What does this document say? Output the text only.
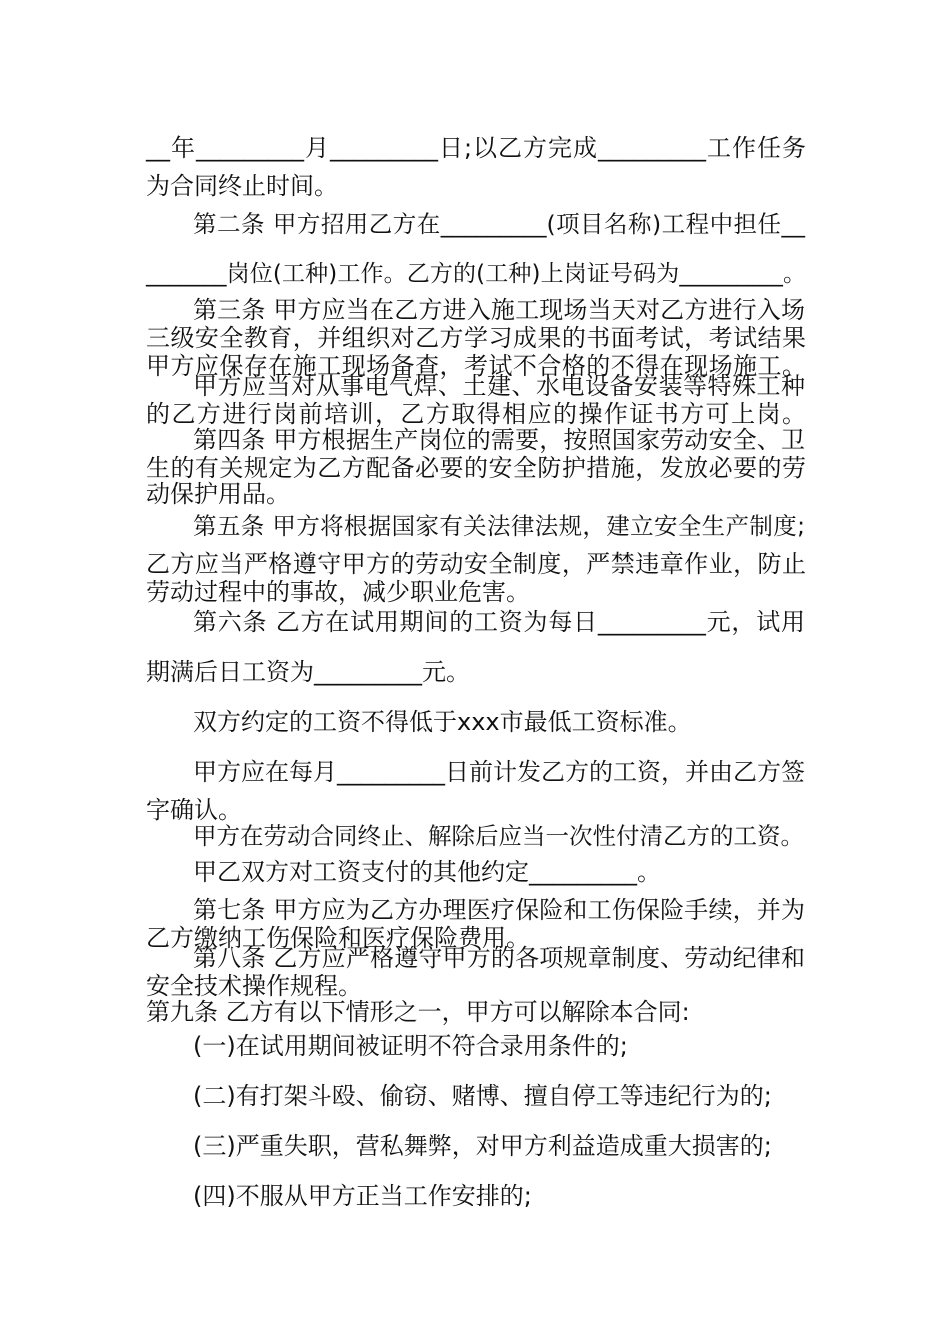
__年_________月_________日;以乙方完成_________工作任务
为合同终止时间。
第二条 甲方招用乙方在_________(项目名称)工程中担任__
_______岗位(工种)工作。乙方的(工种)上岗证号码为_________。
第三条 甲方应当在乙方进入施工现场当天对乙方进行入场
三级安全教育，并组织对乙方学习成果的书面考试，考试结果
甲方应保存在施工现场备查，考试不合格的不得在现场施工。
甲方应当对从事电气焊、土建、水电设备安装等特殊工种
的乙方进行岗前培训，乙方取得相应的操作证书方可上岗。
第四条 甲方根据生产岗位的需要，按照国家劳动安全、卫
生的有关规定为乙方配备必要的安全防护措施，发放必要的劳
动保护用品。
第五条 甲方将根据国家有关法律法规，建立安全生产制度;
乙方应当严格遵守甲方的劳动安全制度，严禁违章作业，防止
劳动过程中的事故，减少职业危害。
第六条 乙方在试用期间的工资为每日_________元，试用
期满后日工资为_________元。
双方约定的工资不得低于xxx市最低工资标准。
甲方应在每月_________日前计发乙方的工资，并由乙方签
字确认。
甲方在劳动合同终止、解除后应当一次性付清乙方的工资。
甲乙双方对工资支付的其他约定_________。
第七条 甲方应为乙方办理医疗保险和工伤保险手续，并为
乙方缴纳工伤保险和医疗保险费用。
第八条 乙方应严格遵守甲方的各项规章制度、劳动纪律和
安全技术操作规程。
第九条 乙方有以下情形之一，甲方可以解除本合同:
(一)在试用期间被证明不符合录用条件的;
(二)有打架斗殴、偷窃、赌博、擅自停工等违纪行为的;
(三)严重失职，营私舞弊，对甲方利益造成重大损害的;
(四)不服从甲方正当工作安排的;
